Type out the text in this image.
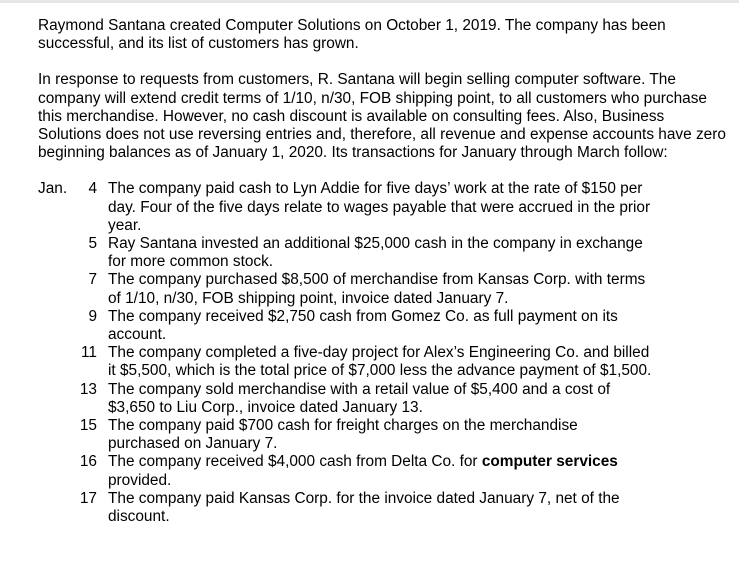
Raymond Santana created Computer Solutions on October 1, 2019. The company has been successful, and its list of customers has grown.

In response to requests from customers, R. Santana will begin selling computer software. The company will extend credit terms of 1/10, n/30, FOB shipping point, to all customers who purchase this merchandise. However, no cash discount is available on consulting fees. Also, Business Solutions does not use reversing entries and, therefore, all revenue and expense accounts have zero beginning balances as of January 1, 2020. Its transactions for January through March follow:

Jan.	4 The company paid cash to Lyn Addie for five days’ work at the rate of $150 per day. Four of the five days relate to wages payable that were accrued in the prior year.
5 Ray Santana invested an additional $25,000 cash in the company in exchange for more common stock.
7 The company purchased $8,500 of merchandise from Kansas Corp. with terms of 1/10, n/30, FOB shipping point, invoice dated January 7.
9 The company received $2,750 cash from Gomez Co. as full payment on its account.
11 The company completed a five-day project for Alex’s Engineering Co. and billed it $5,500, which is the total price of $7,000 less the advance payment of $1,500.
13 The company sold merchandise with a retail value of $5,400 and a cost of $3,650 to Liu Corp., invoice dated January 13.
15 The company paid $700 cash for freight charges on the merchandise purchased on January 7.
16 The company received $4,000 cash from Delta Co. for computer services provided.
17 The company paid Kansas Corp. for the invoice dated January 7, net of the discount.
